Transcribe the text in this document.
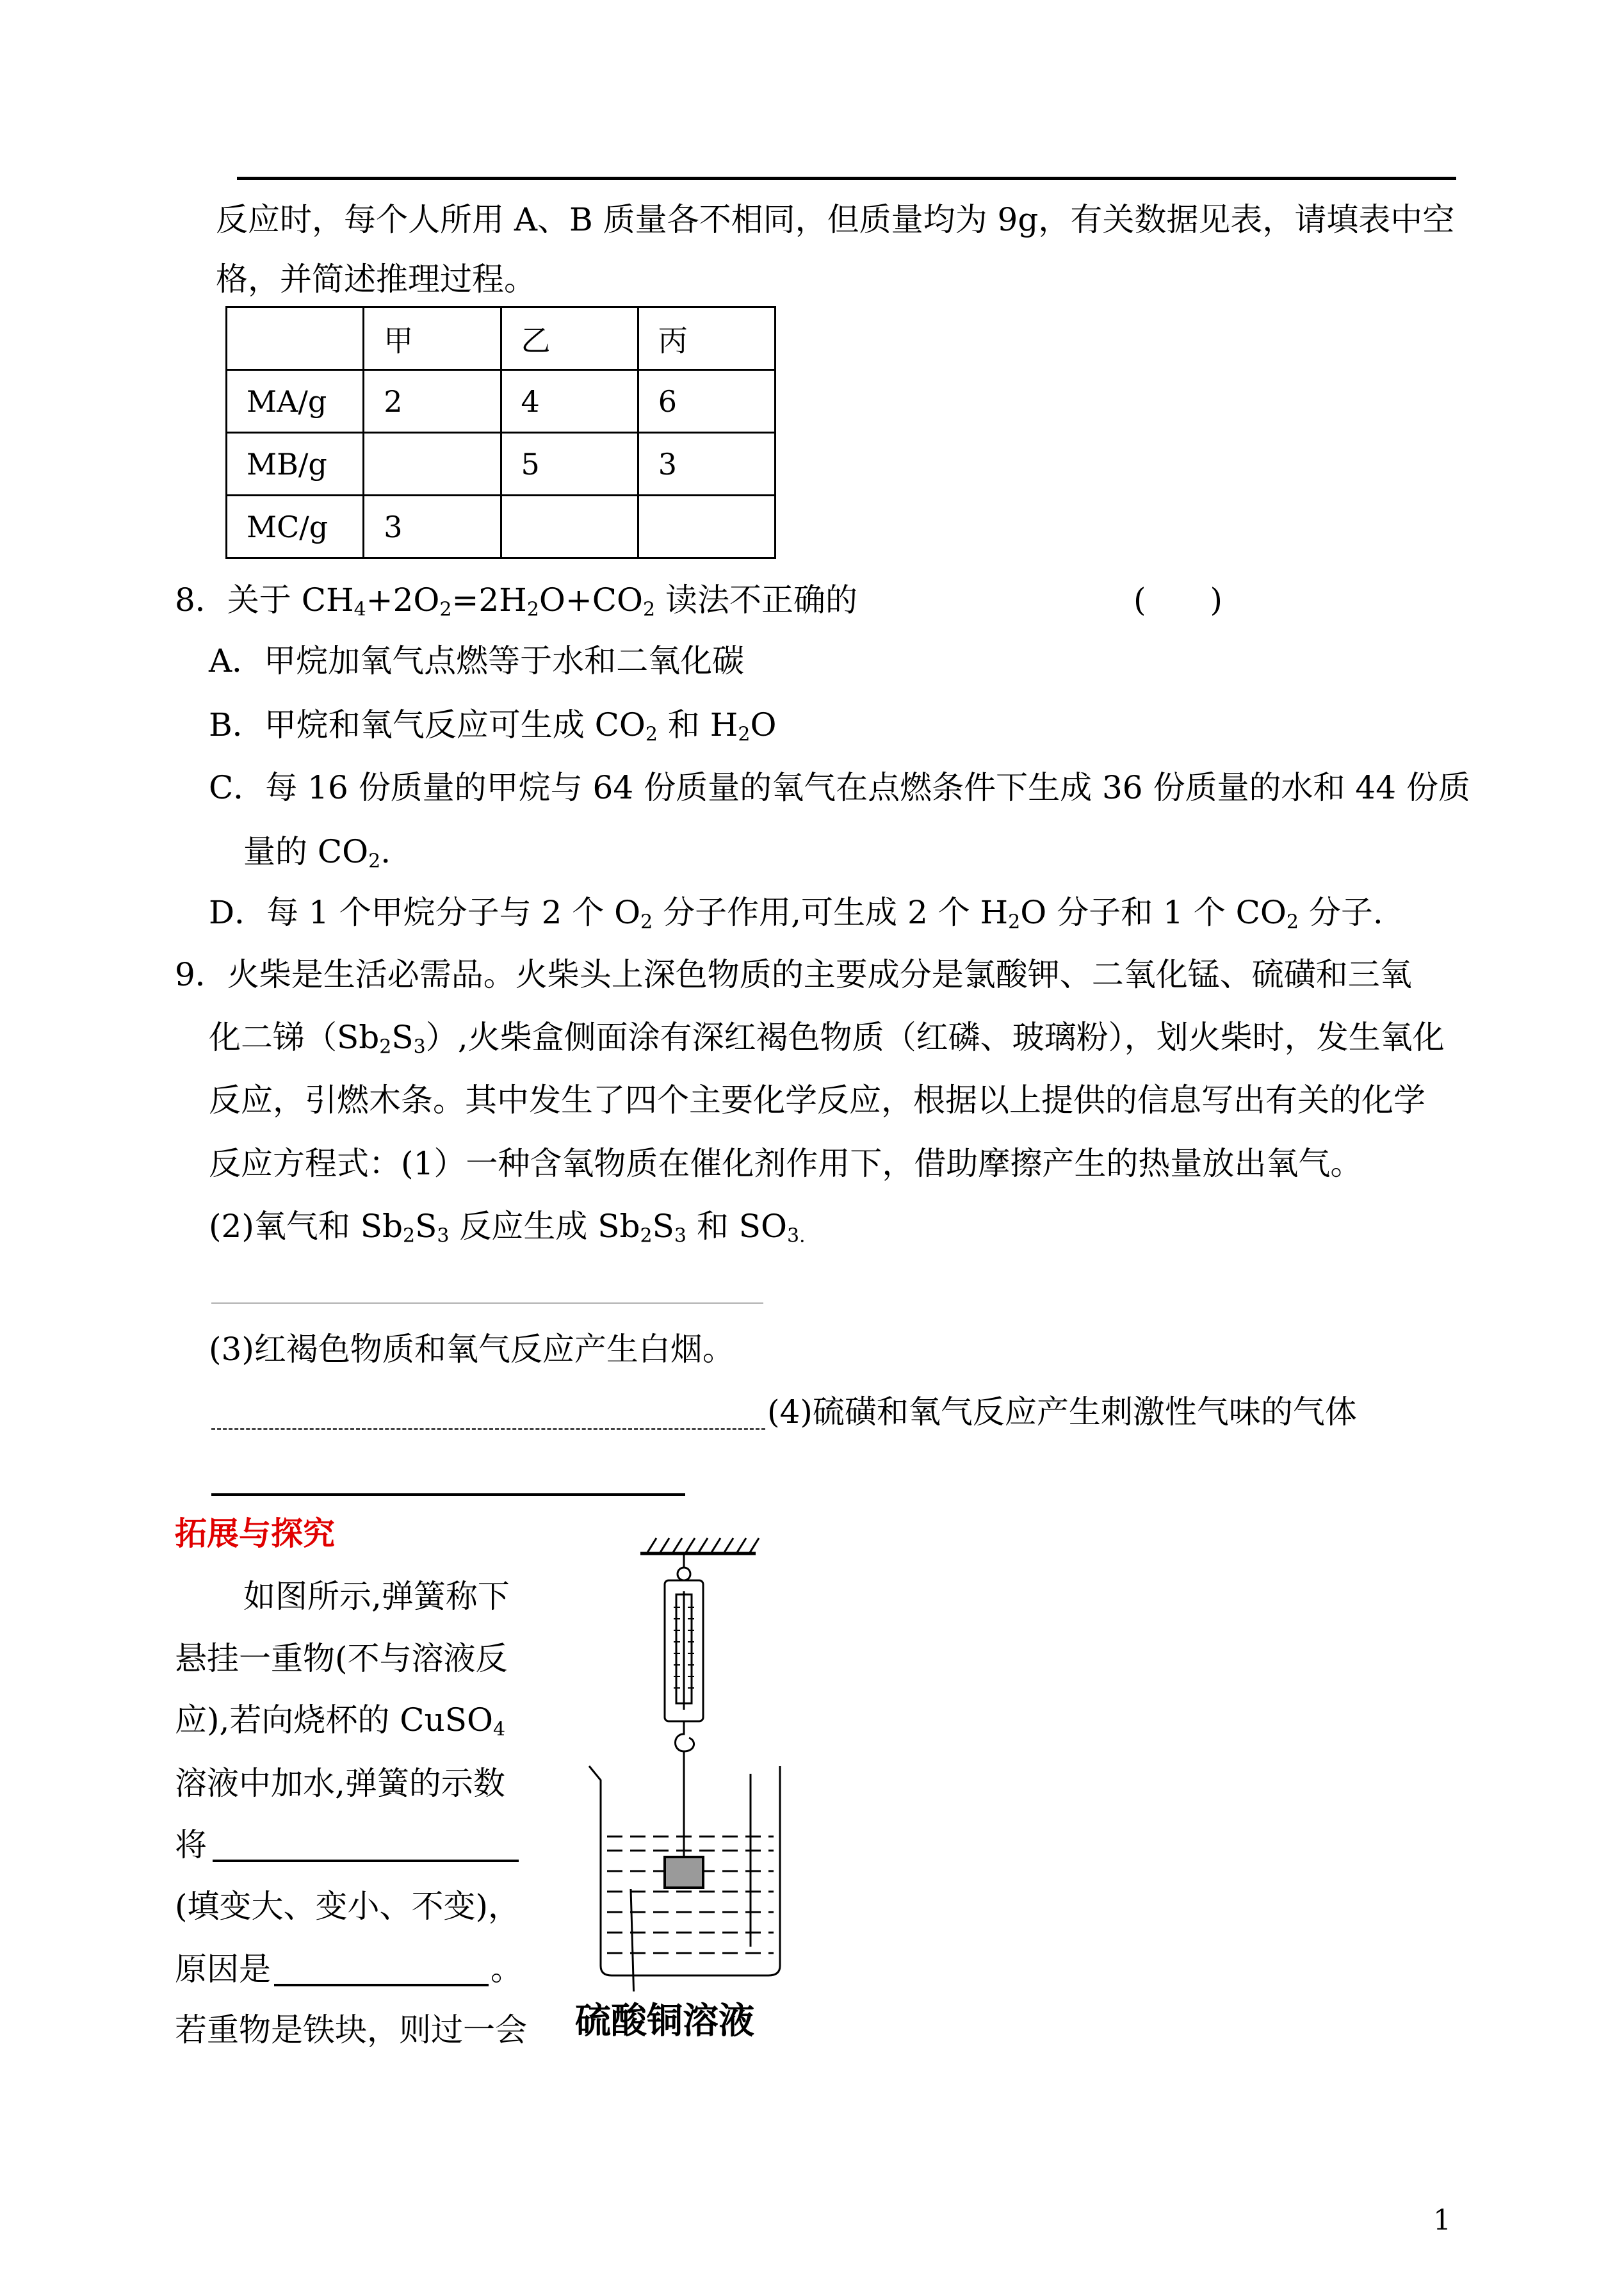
反应时，每个人所用 A、B 质量各不相同，但质量均为 9g，有关数据见表，请填表中空
格，并简述推理过程。
	甲	乙	丙
MA/g	2	4	6
MB/g		5	3
MC/g	3		
8．关于 $CH_4+2O_2=2H_2O+CO_2$ 读法不正确的	(　　)
A．甲烷加氧气点燃等于水和二氧化碳
B．甲烷和氧气反应可生成 $CO_2$ 和 $H_2O$
C．每 16 份质量的甲烷与 64 份质量的氧气在点燃条件下生成 36 份质量的水和 44 份质
量的 $CO_2$.
D．每 1 个甲烷分子与 2 个 $O_2$ 分子作用,可生成 2 个 $H_2O$ 分子和 1 个 $CO_2$ 分子.
9．火柴是生活必需品。火柴头上深色物质的主要成分是氯酸钾、二氧化锰、硫磺和三氧
化二锑$(Sb_2S_3)$,火柴盒侧面涂有深红褐色物质（红磷、玻璃粉），划火柴时，发生氧化
反应，引燃木条。其中发生了四个主要化学反应，根据以上提供的信息写出有关的化学
反应方程式：(1）一种含氧物质在催化剂作用下，借助摩擦产生的热量放出氧气。
(2)氧气和 $Sb_2S_3$ 反应生成 $Sb_2S_3$ 和 $SO_{3.}$
(3)红褐色物质和氧气反应产生白烟。
(4)硫磺和氧气反应产生刺激性气味的气体
拓展与探究
如图所示,弹簧称下
悬挂一重物(不与溶液反
应),若向烧杯的 CuSO$_4$
溶液中加水,弹簧的示数
将
(填变大、变小、不变)，
原因是	。
若重物是铁块，则过一会 硫酸铜溶液
1
